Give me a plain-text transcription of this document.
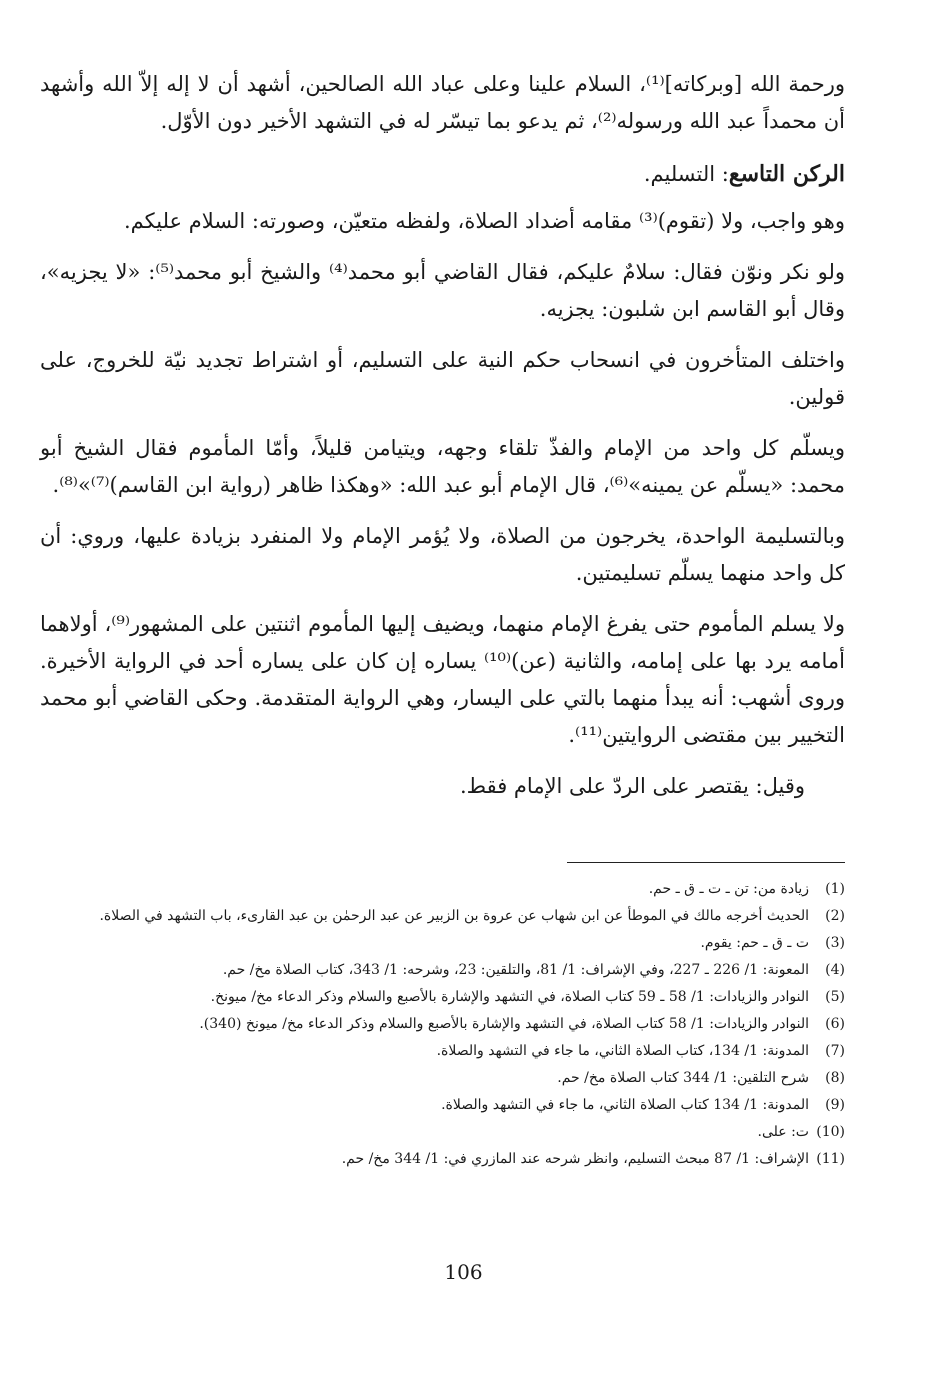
ورحمة الله [وبركاته]⁽¹⁾، السلام علينا وعلى عباد الله الصالحين، أشهد أن لا إله إلاّ الله وأشهد أن محمداً عبد الله ورسوله⁽²⁾، ثم يدعو بما تيسّر له في التشهد الأخير دون الأوّل.

الركن التاسع: التسليم.

وهو واجب، ولا (تقوم)⁽³⁾ مقامه أضداد الصلاة، ولفظه متعيّن، وصورته: السلام عليكم.

ولو نكر ونوّن فقال: سلامٌ عليكم، فقال القاضي أبو محمد⁽⁴⁾ والشيخ أبو محمد⁽⁵⁾: «لا يجزيه»، وقال أبو القاسم ابن شلبون: يجزيه.

واختلف المتأخرون في انسحاب حكم النية على التسليم، أو اشتراط تجديد نيّة للخروج، على قولين.

ويسلّم كل واحد من الإمام والفذّ تلقاء وجهه، ويتيامن قليلاً، وأمّا المأموم فقال الشيخ أبو محمد: «يسلّم عن يمينه»⁽⁶⁾، قال الإمام أبو عبد الله: «وهكذا ظاهر (رواية ابن القاسم)⁽⁷⁾»⁽⁸⁾.

وبالتسليمة الواحدة، يخرجون من الصلاة، ولا يُؤمر الإمام ولا المنفرد بزيادة عليها، وروي: أن كل واحد منهما يسلّم تسليمتين.

ولا يسلم المأموم حتى يفرغ الإمام منهما، ويضيف إليها المأموم اثنتين على المشهور⁽⁹⁾، أولاهما أمامه يرد بها على إمامه، والثانية (عن)⁽¹⁰⁾ يساره إن كان على يساره أحد في الرواية الأخيرة. وروى أشهب: أنه يبدأ منهما بالتي على اليسار، وهي الرواية المتقدمة. وحكى القاضي أبو محمد التخيير بين مقتضى الروايتين⁽¹¹⁾.

وقيل: يقتصر على الردّ على الإمام فقط.

(1)
زيادة من: تن ـ ت ـ ق ـ حم.
(2)
الحديث أخرجه مالك في الموطأ عن ابن شهاب عن عروة بن الزبير عن عبد الرحمٰن بن عبد القارىء، باب التشهد في الصلاة.
(3)
ت ـ ق ـ حم: يقوم.
(4)
المعونة: 1/ 226 ـ 227، وفي الإشراف: 1/ 81، والتلقين: 23، وشرحه: 1/ 343، كتاب الصلاة مخ/ حم.
(5)
النوادر والزيادات: 1/ 58 ـ 59 كتاب الصلاة، في التشهد والإشارة بالأصبع والسلام وذكر الدعاء مخ/ ميونخ.
(6)
النوادر والزيادات: 1/ 58 كتاب الصلاة، في التشهد والإشارة بالأصبع والسلام وذكر الدعاء مخ/ ميونخ (340).
(7)
المدونة: 1/ 134، كتاب الصلاة الثاني، ما جاء في التشهد والصلاة.
(8)
شرح التلقين: 1/ 344 كتاب الصلاة مخ/ حم.
(9)
المدونة: 1/ 134 كتاب الصلاة الثاني، ما جاء في التشهد والصلاة.
(10)
ت: على.
(11)
الإشراف: 1/ 87 مبحث التسليم، وانظر شرحه عند المازري في: 1/ 344 مخ/ حم.
106
